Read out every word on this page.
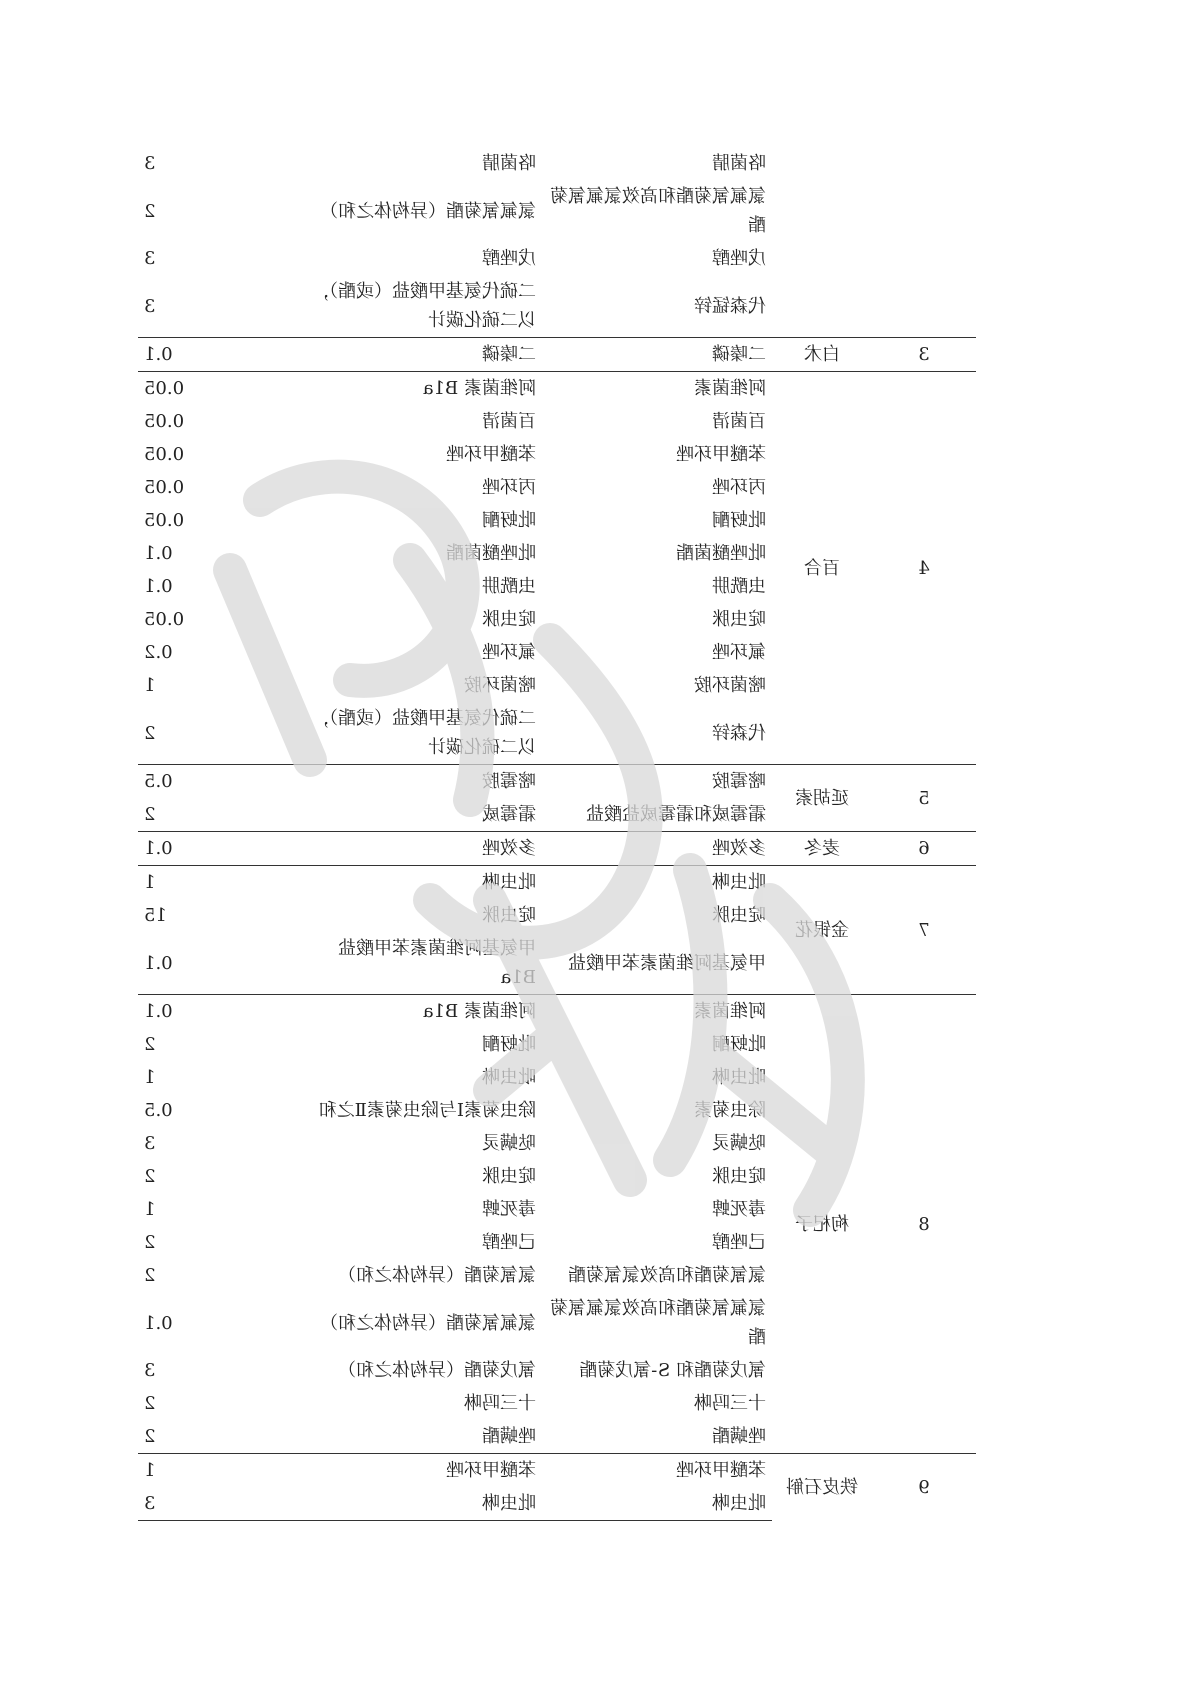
		咯菌腈	咯菌腈	3
		氯氟氰菊酯和高效氯氟氰菊酯	氯氟氰菊酯（异构体之和）	2
		戊唑醇	戊唑醇	3
		代森锰锌	二硫代氨基甲酸盐（或酯），以二硫化碳计	3
3	白术	二嗪磷	二嗪磷	0.1
4	百合	阿维菌素	阿维菌素 B1a	0.05
		百菌清	百菌清	0.05
		苯醚甲环唑	苯醚甲环唑	0.05
		丙环唑	丙环唑	0.05
		吡蚜酮	吡蚜酮	0.05
		吡唑醚菌酯	吡唑醚菌酯	0.1
		虫酰肼	虫酰肼	0.1
		啶虫脒	啶虫脒	0.05
		氟环唑	氟环唑	0.2
		嘧菌环胺	嘧菌环胺	1
		代森锌	二硫代氨基甲酸盐（或酯），以二硫化碳计	2
5	延胡索	嘧霉胺	嘧霉胺	0.5
		霜霉威和霜霉威盐酸盐	霜霉威	2
6	麦冬	多效唑	多效唑	0.1
7	金银花	吡虫啉	吡虫啉	1
		啶虫脒	啶虫脒	15
		甲氨基阿维菌素苯甲酸盐	甲氨基阿维菌素苯甲酸盐 B1a	0.1
8	枸杞子	阿维菌素	阿维菌素 B1a	0.1
		吡蚜酮	吡蚜酮	2
		吡虫啉	吡虫啉	1
		除虫菊素	除虫菊素Ⅰ与除虫菊素Ⅱ之和	0.5
		哒螨灵	哒螨灵	3
		啶虫脒	啶虫脒	2
		毒死蜱	毒死蜱	1
		己唑醇	己唑醇	2
		氯氰菊酯和高效氯氰菊酯	氯氰菊酯（异构体之和）	2
		氯氟氰菊酯和高效氯氟氰菊酯	氯氟氰菊酯（异构体之和）	0.1
		氰戊菊酯和 S-氰戊菊酯	氰戊菊酯（异构体之和）	3
		十三吗啉	十三吗啉	2
		唑螨酯	唑螨酯	2
9	铁皮石斛	苯醚甲环唑	苯醚甲环唑	1
		吡虫啉	吡虫啉	3
